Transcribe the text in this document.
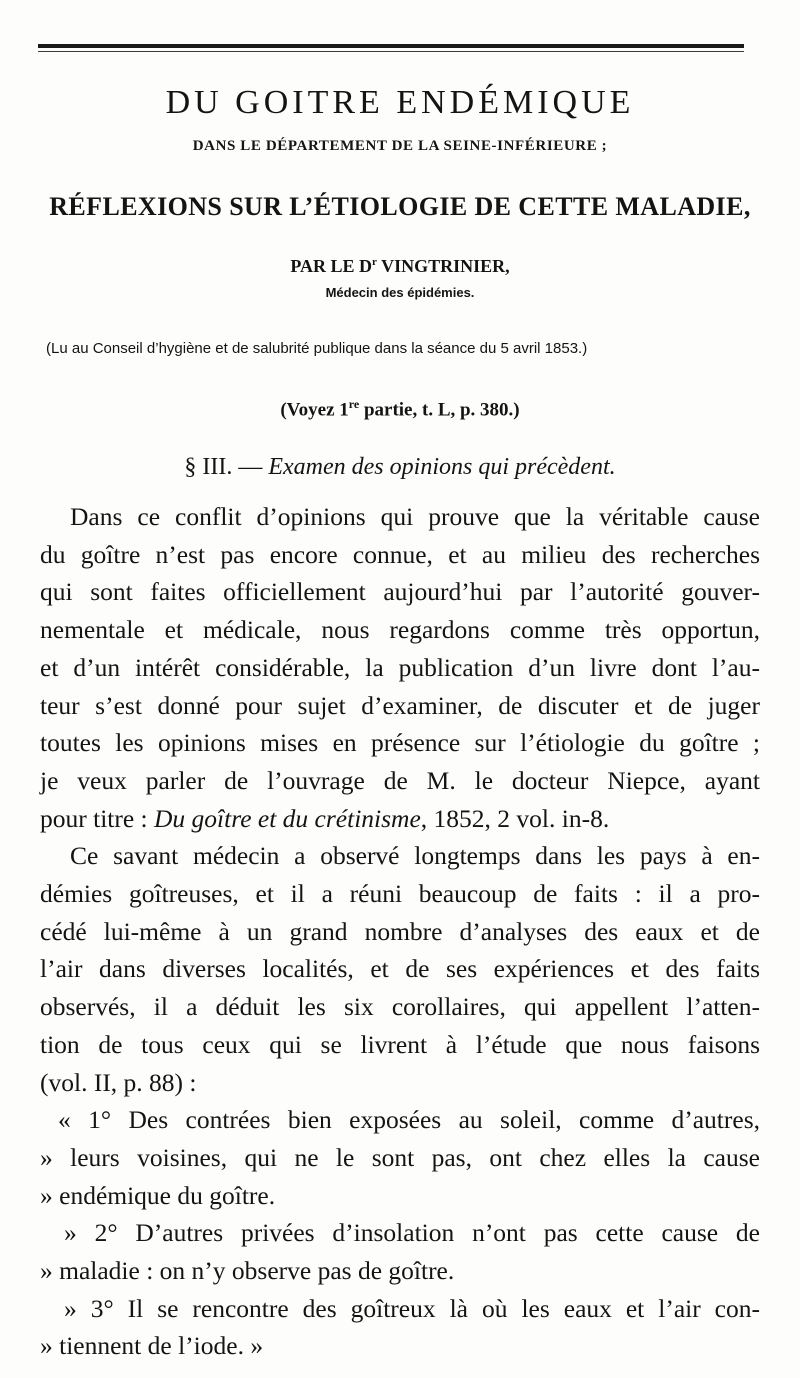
DU GOITRE ENDÉMIQUE
DANS LE DÉPARTEMENT DE LA SEINE-INFÉRIEURE ;
RÉFLEXIONS SUR L’ÉTIOLOGIE DE CETTE MALADIE,
PAR LE $D^r$ VINGTRINIER,
Médecin des épidémies.
(Lu au Conseil d’hygiène et de salubrité publique dans la séance du 5 avril 1853.)
(Voyez 1re partie, t. L, p. 380.)
§ III. — Examen des opinions qui précèdent.
Dans ce conflit d’opinions qui prouve que la véritable cause
du goître n’est pas encore connue, et au milieu des recherches
qui sont faites officiellement aujourd’hui par l’autorité gouver-
nementale et médicale, nous regardons comme très opportun,
et d’un intérêt considérable, la publication d’un livre dont l’au-
teur s’est donné pour sujet d’examiner, de discuter et de juger
toutes les opinions mises en présence sur l’étiologie du goître ;
je veux parler de l’ouvrage de M. le docteur Niepce, ayant
pour titre : Du goître et du crétinisme, 1852, 2 vol. in-8.
Ce savant médecin a observé longtemps dans les pays à en-
démies goîtreuses, et il a réuni beaucoup de faits : il a pro-
cédé lui-même à un grand nombre d’analyses des eaux et de
l’air dans diverses localités, et de ses expériences et des faits
observés, il a déduit les six corollaires, qui appellent l’atten-
tion de tous ceux qui se livrent à l’étude que nous faisons
(vol. II, p. 88) :
« 1° Des contrées bien exposées au soleil, comme d’autres,
» leurs voisines, qui ne le sont pas, ont chez elles la cause
» endémique du goître.
» 2° D’autres privées d’insolation n’ont pas cette cause de
» maladie : on n’y observe pas de goître.
» 3° Il se rencontre des goîtreux là où les eaux et l’air con-
» tiennent de l’iode. »
